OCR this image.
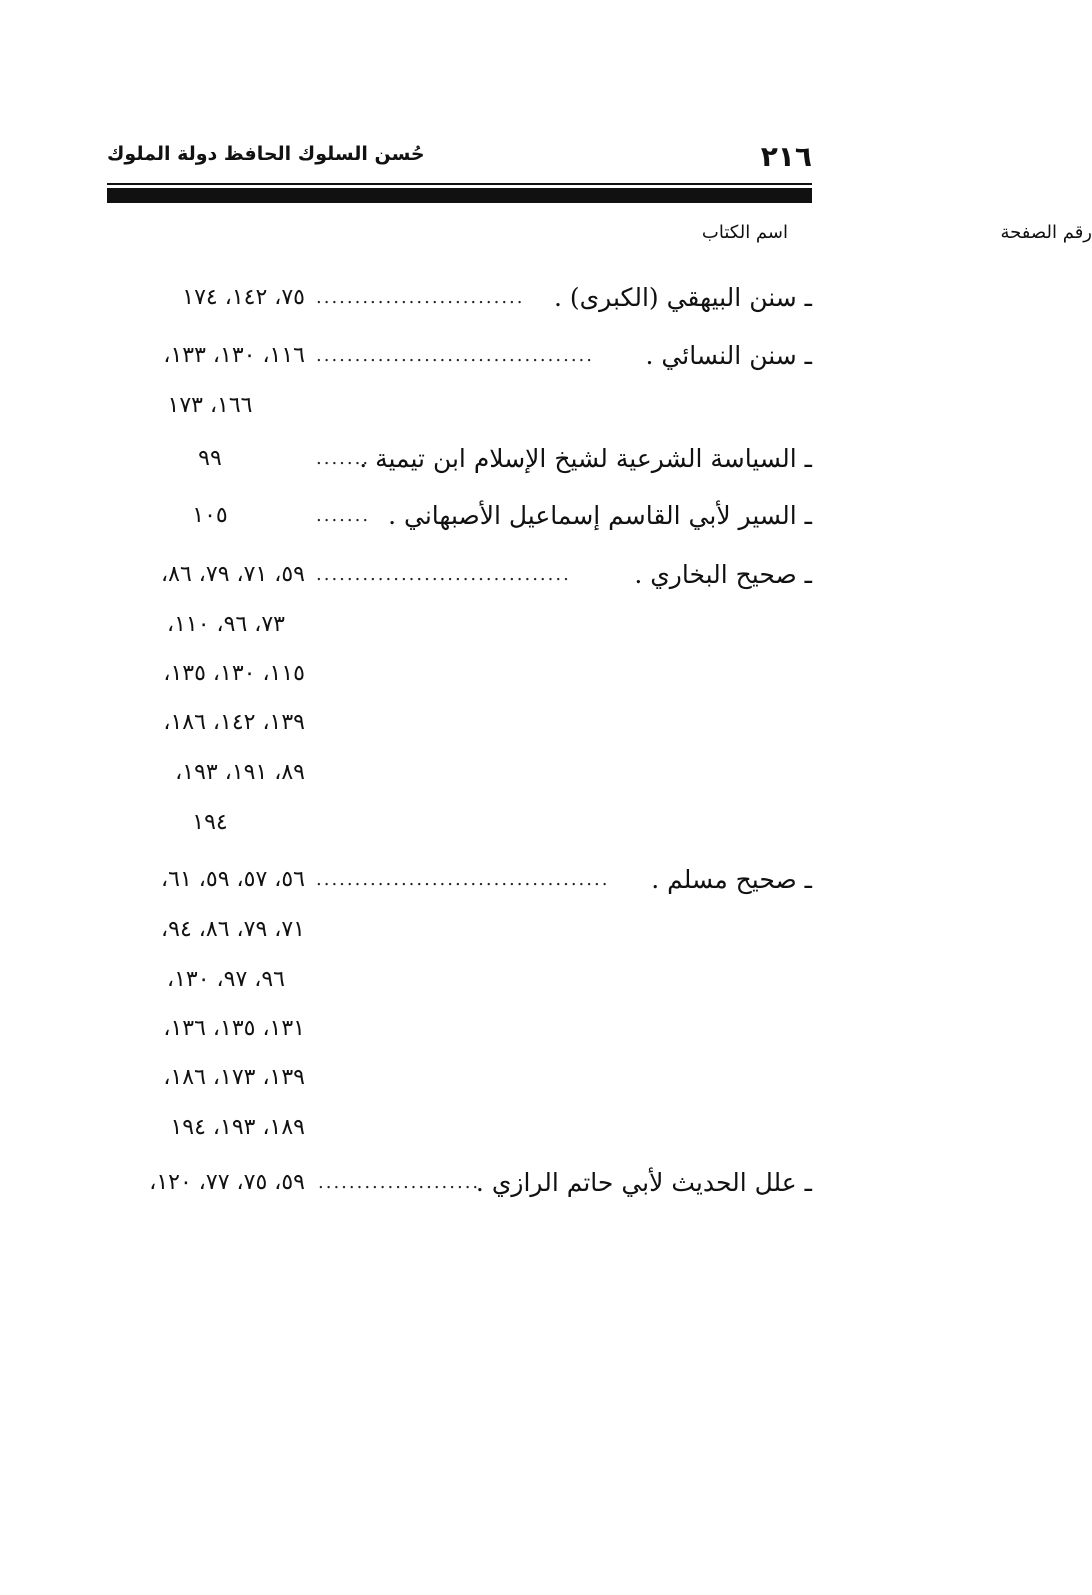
٢١٦
حُسن السلوك الحافظ دولة الملوك
اسم الكتاب	رقم الصفحة
ـ سنن البيهقي (الكبرى) .
...........................
٧٥، ١٤٢، ١٧٤
ـ سنن النسائي .
....................................
١١٦، ١٣٠، ١٣٣،
١٦٦، ١٧٣
ـ السياسة الشرعية لشيخ الإسلام ابن تيمية .
.......
٩٩
ـ السير لأبي القاسم إسماعيل الأصبهاني .
.......
١٠٥
ـ صحيح البخاري .
.................................
٥٩، ٧١، ٧٩، ٨٦،
٧٣، ٩٦، ١١٠،
١١٥، ١٣٠، ١٣٥،
١٣٩، ١٤٢، ١٨٦،
٨٩، ١٩١، ١٩٣،
١٩٤
ـ صحيح مسلم .
......................................
٥٦، ٥٧، ٥٩، ٦١،
٧١، ٧٩، ٨٦، ٩٤،
٩٦، ٩٧، ١٣٠،
١٣١، ١٣٥، ١٣٦،
١٣٩، ١٧٣، ١٨٦،
١٨٩، ١٩٣، ١٩٤
ـ علل الحديث لأبي حاتم الرازي .
.....................
٥٩، ٧٥، ٧٧، ١٢٠،
